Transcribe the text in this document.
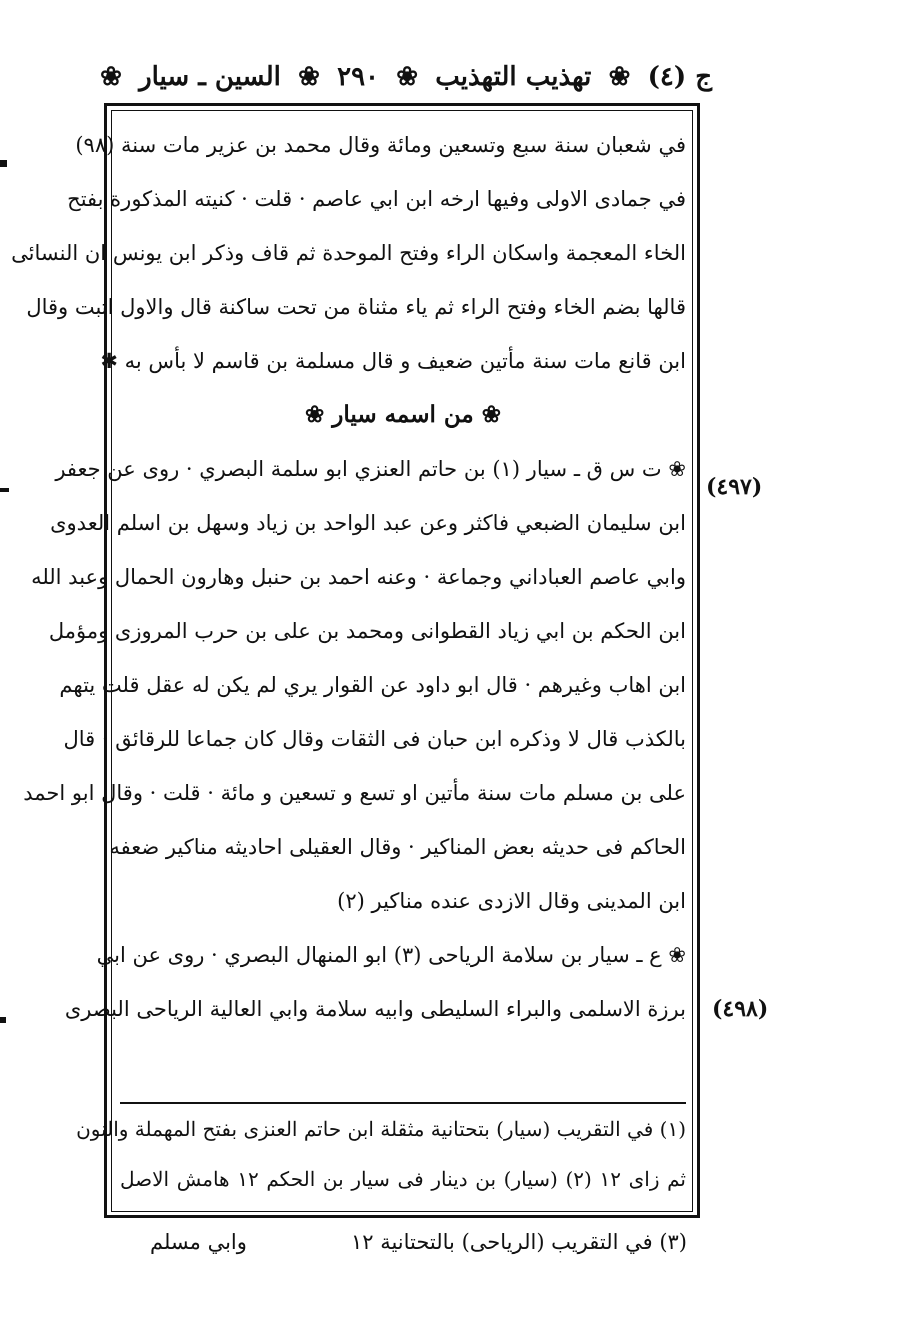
ج (٤)
❀
تهذيب التهذيب
❀
٢٩٠
❀
السين ـ سيار
❀
في شعبان سنة سبع وتسعين ومائة وقال محمد بن عزير مات سنة (٩٨)
في جمادى الاولى وفيها ارخه ابن ابي عاصم · قلت · كنيته المذكورة بفتح
الخاء المعجمة واسكان الراء وفتح الموحدة ثم قاف وذكر ابن يونس ان النسائى
قالها بضم الخاء وفتح الراء ثم ياء مثناة من تحت ساكنة قال والاول اثبت وقال
ابن قانع مات سنة مأتين ضعيف و قال مسلمة بن قاسم لا بأس به ✱
❀ من اسمه سيار ❀
❀ ت س ق ـ سيار (١) بن حاتم العنزي ابو سلمة البصري · روى عن جعفر
ابن سليمان الضبعي فاكثر وعن عبد الواحد بن زياد وسهل بن اسلم العدوى
وابي عاصم العباداني وجماعة · وعنه احمد بن حنبل وهارون الحمال وعبد الله
ابن الحكم بن ابي زياد القطوانى ومحمد بن على بن حرب المروزى ومؤمل
ابن اهاب وغيرهم · قال ابو داود عن القوار يري لم يكن له عقل قلت يتهم
بالكذب قال لا وذكره ابن حبان فى الثقات وقال كان جماعا للرقائق · قال
على بن مسلم مات سنة مأتين او تسع و تسعين و مائة · قلت · وقال ابو احمد
الحاكم فى حديثه بعض المناكير · وقال العقيلى احاديثه مناكير ضعفه
ابن المدينى وقال الازدى عنده مناكير (٢)
❀ ع ـ سيار بن سلامة الرياحى (٣) ابو المنهال البصري · روى عن ابي
برزة الاسلمى والبراء السليطى وابيه سلامة وابي العالية الرياحى البصرى
(٤٩٧)
(٤٩٨)
(١) في التقريب (سيار) بتحتانية مثقلة ابن حاتم العنزى بفتح المهملة والنون
ثم زاى ١٢ (٢) (سيار) بن دينار فى سيار بن الحكم ١٢ هامش الاصل
(٣) في التقريب (الرياحى) بالتحتانية ١٢
وابي مسلم
